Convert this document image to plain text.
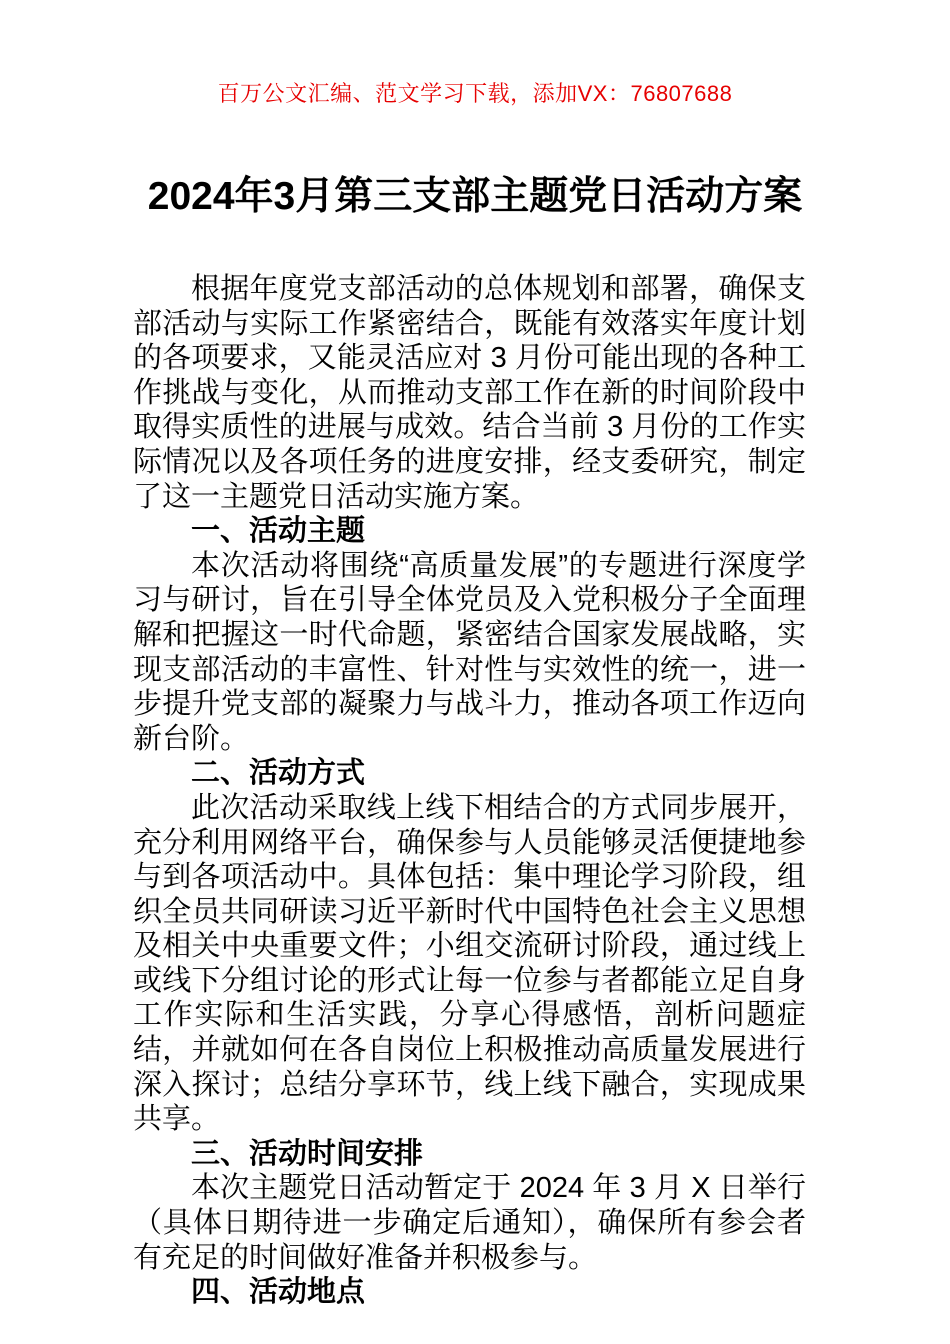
百万公文汇编、范文学习下载，添加VX：76807688
2024年3月第三支部主题党日活动方案

根据年度党支部活动的总体规划和部署，确保支部活动与实际工作紧密结合，既能有效落实年度计划的各项要求，又能灵活应对 3 月份可能出现的各种工作挑战与变化，从而推动支部工作在新的时间阶段中取得实质性的进展与成效。结合当前 3 月份的工作实际情况以及各项任务的进度安排，经支委研究，制定了这一主题党日活动实施方案。

一、活动主题

本次活动将围绕“高质量发展”的专题进行深度学习与研讨，旨在引导全体党员及入党积极分子全面理解和把握这一时代命题，紧密结合国家发展战略，实现支部活动的丰富性、针对性与实效性的统一，进一步提升党支部的凝聚力与战斗力，推动各项工作迈向新台阶。

二、活动方式

此次活动采取线上线下相结合的方式同步展开，充分利用网络平台，确保参与人员能够灵活便捷地参与到各项活动中。具体包括：集中理论学习阶段，组织全员共同研读习近平新时代中国特色社会主义思想及相关中央重要文件；小组交流研讨阶段，通过线上或线下分组讨论的形式让每一位参与者都能立足自身工作实际和生活实践，分享心得感悟，剖析问题症结，并就如何在各自岗位上积极推动高质量发展进行深入探讨；总结分享环节，线上线下融合，实现成果共享。

三、活动时间安排

本次主题党日活动暂定于 2024 年 3 月 X 日举行（具体日期待进一步确定后通知），确保所有参会者有充足的时间做好准备并积极参与。

四、活动地点
